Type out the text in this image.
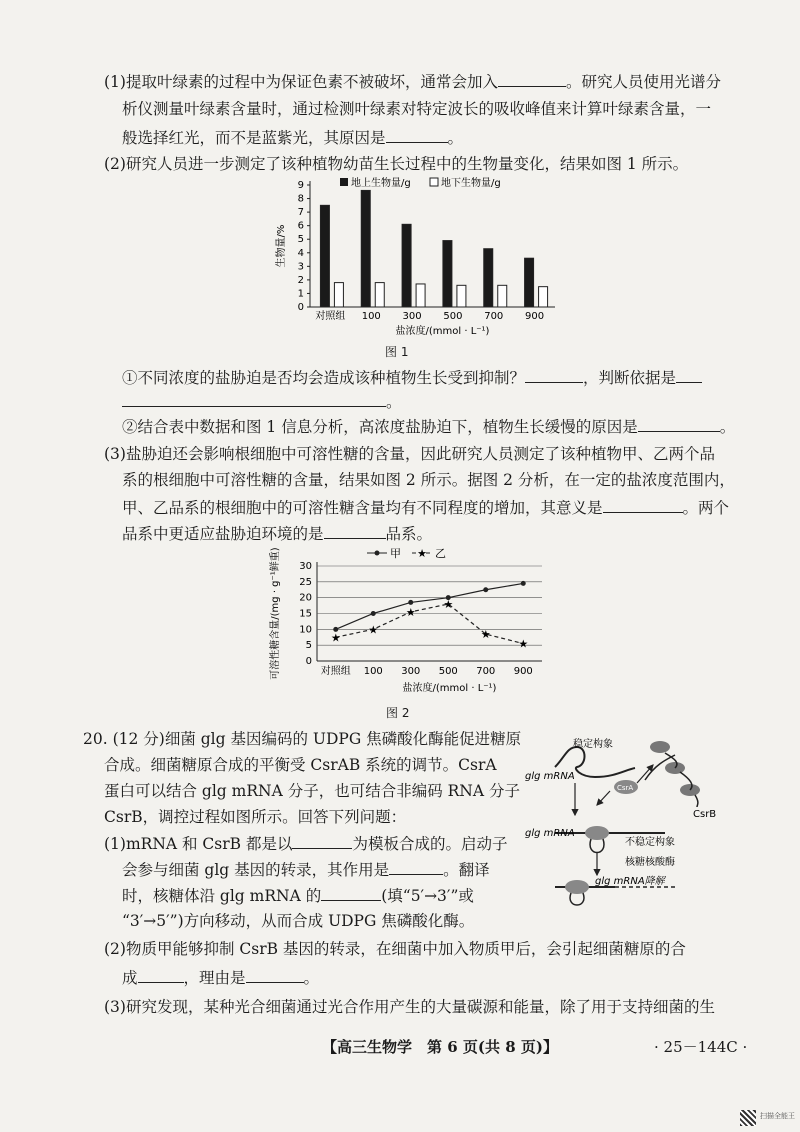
(1)提取叶绿素的过程中为保证色素不被破坏，通常会加入	。研究人员使用光谱分
析仪测量叶绿素含量时，通过检测叶绿素对特定波长的吸收峰值来计算叶绿素含量，一
般选择红光，而不是蓝紫光，其原因是	。
(2)研究人员进一步测定了该种植物幼苗生长过程中的生物量变化，结果如图 1 所示。
0
1
2
3
4
5
6
7
8
9
对照组 100 300 500 700 900
地上生物量/g	地下生物量/g
生物量/%
盐浓度/(mmol · L⁻¹)
图 1
①不同浓度的盐胁迫是否均会造成该种植物生长受到抑制？	，判断依据是
。
②结合表中数据和图 1 信息分析，高浓度盐胁迫下，植物生长缓慢的原因是	。
(3)盐胁迫还会影响根细胞中可溶性糖的含量，因此研究人员测定了该种植物甲、乙两个品
系的根细胞中可溶性糖的含量，结果如图 2 所示。据图 2 分析，在一定的盐浓度范围内，
甲、乙品系的根细胞中的可溶性糖含量均有不同程度的增加，其意义是	。两个
品系中更适应盐胁迫环境的是	品系。
0
5
10
15
20
25
30
对照组 100 300 500 700 900
★
★
★
★
★
★
甲 ★ 乙
可溶性糖含量/(mg · g⁻¹鲜重)
盐浓度/(mmol · L⁻¹)
图 2
20. (12 分)细菌 glg 基因编码的 UDPG 焦磷酸化酶能促进糖原
合成。细菌糖原合成的平衡受 CsrAB 系统的调节。CsrA
蛋白可以结合 glg mRNA 分子，也可结合非编码 RNA 分子
CsrB，调控过程如图所示。回答下列问题：
(1)mRNA 和 CsrB 都是以	为模板合成的。启动子
会参与细菌 glg 基因的转录，其作用是	。翻译
时，核糖体沿 glg mRNA 的	(填“5′→3′”或
“3′→5′”)方向移动，从而合成 UDPG 焦磷酸化酶。
(2)物质甲能够抑制 CsrB 基因的转录，在细菌中加入物质甲后，会引起细菌糖原的合
成	，理由是	。
(3)研究发现，某种光合细菌通过光合作用产生的大量碳源和能量，除了用于支持细菌的生
稳定构象
glg mRNA
CsrB
CsrA
glg mRNA
不稳定构象
核糖核酸酶
glg mRNA降解
【高三生物学　第 6 页(共 8 页)】	· 25－144C ·
扫描全能王
